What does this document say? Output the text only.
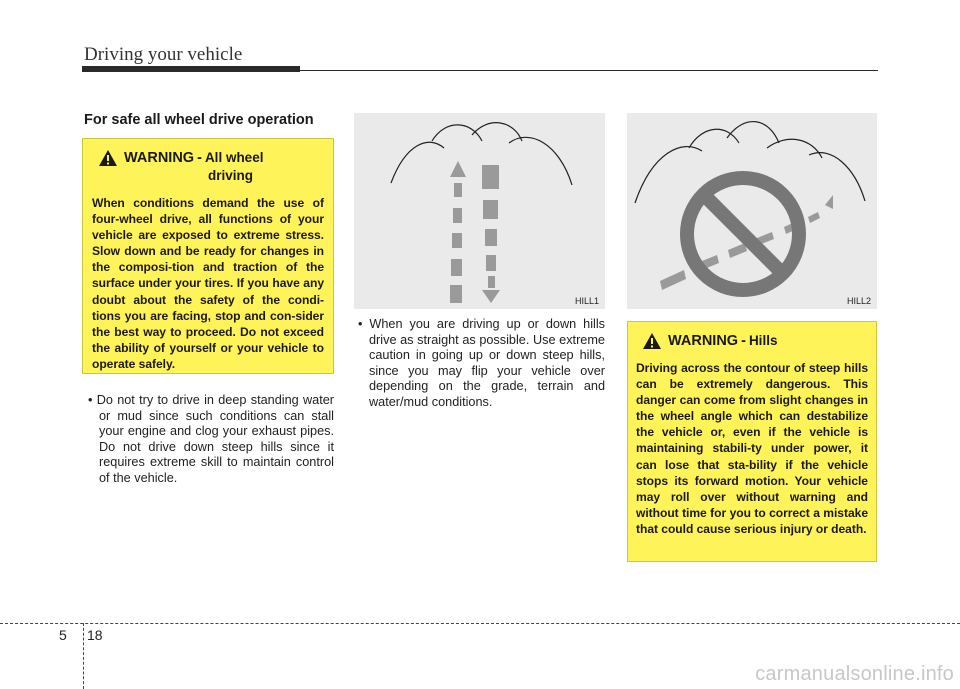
Driving your vehicle
For safe all wheel drive operation
WARNING - All wheel
driving
When conditions demand the use of four-wheel drive, all functions of your vehicle are exposed to extreme stress. Slow down and be ready for changes in the composi-tion and traction of the surface under your tires. If you have any doubt about the safety of the condi-tions you are facing, stop and con-sider the best way to proceed. Do not exceed the ability of yourself or your vehicle to operate safely.

• Do not try to drive in deep standing water or mud since such conditions can stall your engine and clog your exhaust pipes. Do not drive down steep hills since it requires extreme skill to maintain control of the vehicle.

HILL1	HILL2

• When you are driving up or down hills drive as straight as possible. Use extreme caution in going up or down steep hills, since you may flip your vehicle over depending on the grade, terrain and water/mud conditions.

WARNING - Hills
Driving across the contour of steep hills can be extremely dangerous. This danger can come from slight changes in the wheel angle which can destabilize the vehicle or, even if the vehicle is maintaining stabili-ty under power, it can lose that sta-bility if the vehicle stops its forward motion. Your vehicle may roll over without warning and without time for you to correct a mistake that could cause serious injury or death.
5 18
carmanualsonline.info
